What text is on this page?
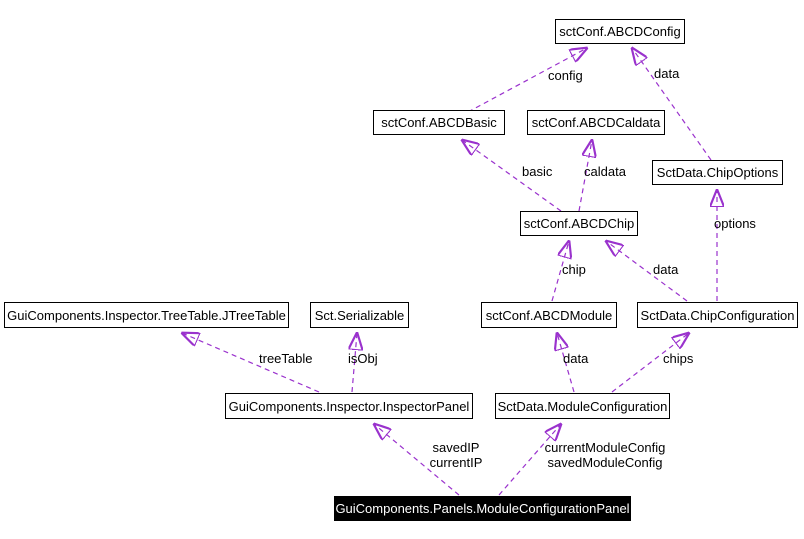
sctConf.ABCDConfig
sctConf.ABCDBasic	sctConf.ABCDCaldata
SctData.ChipOptions
sctConf.ABCDChip
GuiComponents.Inspector.TreeTable.JTreeTable	Sct.Serializable	sctConf.ABCDModule	SctData.ChipConfiguration
GuiComponents.Inspector.InspectorPanel SctData.ModuleConfiguration
GuiComponents.Panels.ModuleConfigurationPanel
config	data
basic caldata
options
chip	data
treeTable	isObj	data	chips
savedIP
currentIP
currentModuleConfig
savedModuleConfig
